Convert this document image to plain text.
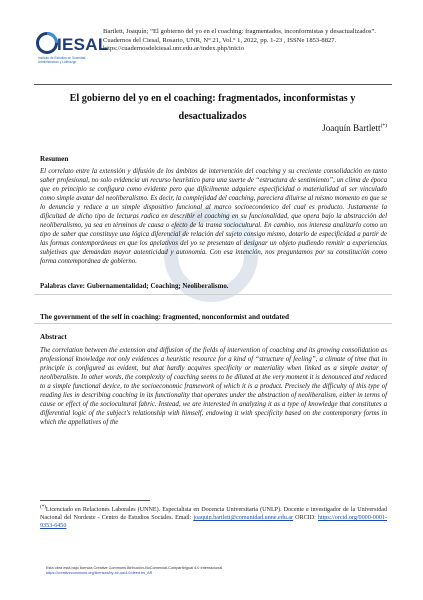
IESAL
Instituto de Estudios en Sociedad, Administración y Liderazgo
Bartlett, Joaquín; “El gobierno del yo en el coaching: fragmentados, inconformistas y desactualizados”. Cuadernos del Ciesal, Rosario, UNR, N° 21, Vol.° 1, 2022, pp. 1-23 , ISSNe 1853-8827. https://cuadernosdelciesal.unr.edu.ar/index.php/inicio
El gobierno del yo en el coaching: fragmentados, inconformistas y desactualizados
Joaquín Bartlett(*)
Resumen

El correlato entre la extensión y difusión de los ámbitos de intervención del coaching y su creciente consolidación en tanto saber profesional, no solo evidencia un recurso heurístico para una suerte de “estructura de sentimiento”, un clima de época que en principio se configura como evidente pero que difícilmente adquiere especificidad o materialidad al ser vinculado como simple avatar del neoliberalismo. Es decir, la complejidad del coaching, pareciera diluirse al mismo momento en que se lo denuncia y reduce a un simple dispositivo funcional al marco socioeconómico del cual es producto. Justamente la dificultad de dicho tipo de lecturas radica en describir el coaching en su funcionalidad, que opera bajo la abstracción del neoliberalismo, ya sea en términos de causa o efecto de la trama sociocultural. En cambio, nos interesa analizarlo como un tipo de saber que constituye una lógica diferencial de relación del sujeto consigo mismo, dotarlo de especificidad a partir de las formas contemporáneas en que los apelativos del yo se presentan al designar un objeto pudiendo remitir a experiencias subjetivas que demandan mayor autenticidad y autonomía. Con esa intención, nos preguntamos por su constitución como forma contemporánea de gobierno.

Palabras clave: Gubernamentalidad; Coaching; Neoliberalismo.
The government of the self in coaching: fragmented, nonconformist and outdated
Abstract

The correlation between the extension and diffusion of the fields of intervention of coaching and its growing consolidation as professional knowledge not only evidences a heuristic resource for a kind of “structure of feeling”, a climate of time that in principle is configured as evident, but that hardly acquires specificity or materiality when linked as a simple avatar of neoliberalism. In other words, the complexity of coaching seems to be diluted at the very moment it is denounced and reduced to a simple functional device, to the socioeconomic framework of which it is a product. Precisely the difficulty of this type of reading lies in describing coaching in its functionality that operates under the abstraction of neoliberalism, either in terms of cause or effect of the sociocultural fabric. Instead, we are interested in analyzing it as a type of knowledge that constitutes a differential logic of the subject's relationship with himself, endowing it with specificity based on the contemporary forms in which the appellatives of the

(*)Licenciado en Relaciones Laborales (UNNE). Especialista en Docencia Universitaria (UNLP). Docente e investigador de la Universidad Nacional del Nordeste - Centro de Estudios Sociales. Email: joaquin.bartlett@comunidad.unne.edu.ar ORCID: https://orcid.org/0000-0001-9353-6450
Esta obra está bajo licencia Creative Commons Atribución-NoComercial-CompartirIgual 4.0 Internacional
https://creativecommons.org/licenses/by-nc-sa/4.0/deed.es_AR
